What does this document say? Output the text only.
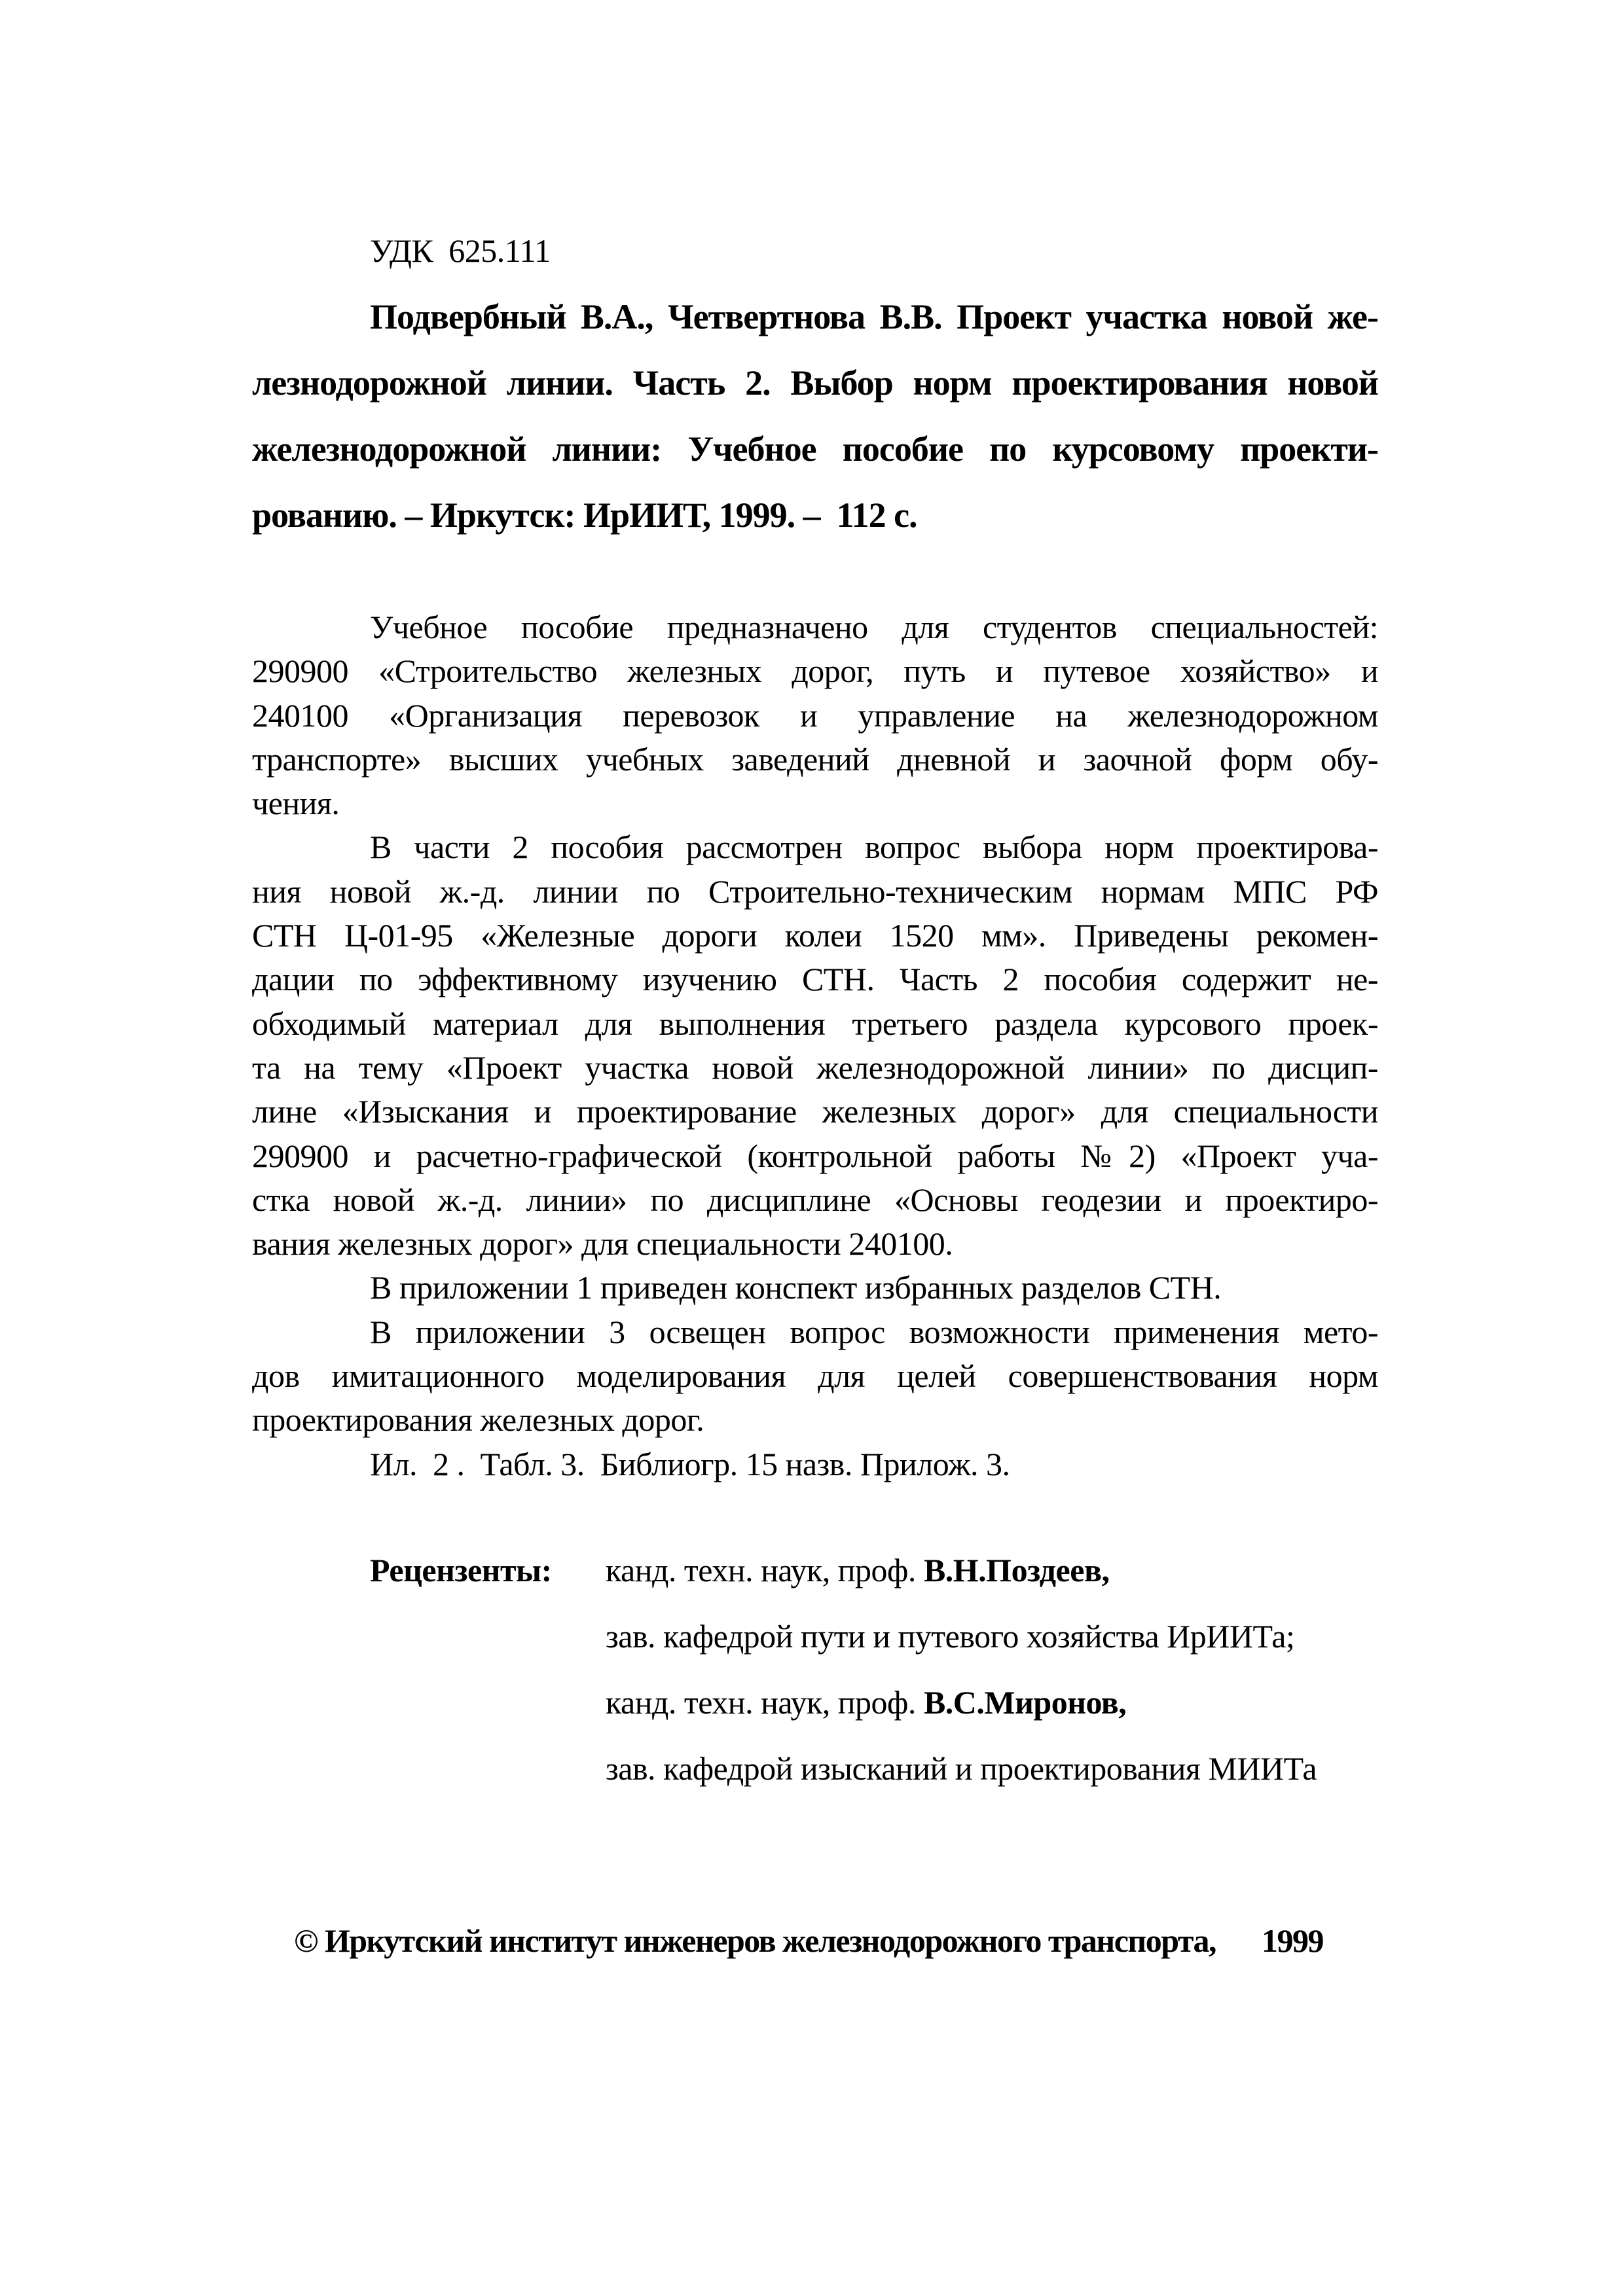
УДК  625.111
Подвербный В.А., Четвертнова В.В. Проект участка новой же-
лезнодорожной линии. Часть 2. Выбор норм проектирования новой
железнодорожной линии: Учебное пособие по курсовому проекти-
рованию. – Иркутск: ИрИИТ, 1999. –  112 с.
Учебное пособие предназначено для студентов специальностей:
290900 «Строительство железных дорог, путь и путевое хозяйство» и
240100 «Организация перевозок и управление на железнодорожном
транспорте» высших учебных заведений дневной и заочной форм обу-
чения.
В части 2 пособия рассмотрен вопрос выбора норм проектирова-
ния новой ж.-д. линии по Строительно-техническим нормам МПС РФ
СТН Ц-01-95 «Железные дороги колеи 1520 мм». Приведены рекомен-
дации по эффективному изучению СТН. Часть 2 пособия содержит не-
обходимый материал для выполнения третьего раздела курсового проек-
та на тему «Проект участка новой железнодорожной линии» по дисцип-
лине «Изыскания и проектирование железных дорог» для специальности
290900 и расчетно-графической (контрольной работы №2) «Проект уча-
стка новой ж.-д. линии» по дисциплине «Основы геодезии и проектиро-
вания железных дорог» для специальности 240100.
В приложении 1 приведен конспект избранных разделов СТН.
В приложении 3 освещен вопрос возможности применения мето-
дов имитационного моделирования для целей совершенствования норм
проектирования железных дорог.
Ил.  2 .  Табл. 3.  Библиогр. 15 назв. Прилож. 3.
Рецензенты:	канд. техн. наук, проф. В.Н.Поздеев,
зав. кафедрой пути и путевого хозяйства ИрИИТа;
канд. техн. наук, проф. В.С.Миронов,
зав. кафедрой изысканий и проектирования МИИТа

© Иркутский институт инженеров железнодорожного транспорта, 1999
